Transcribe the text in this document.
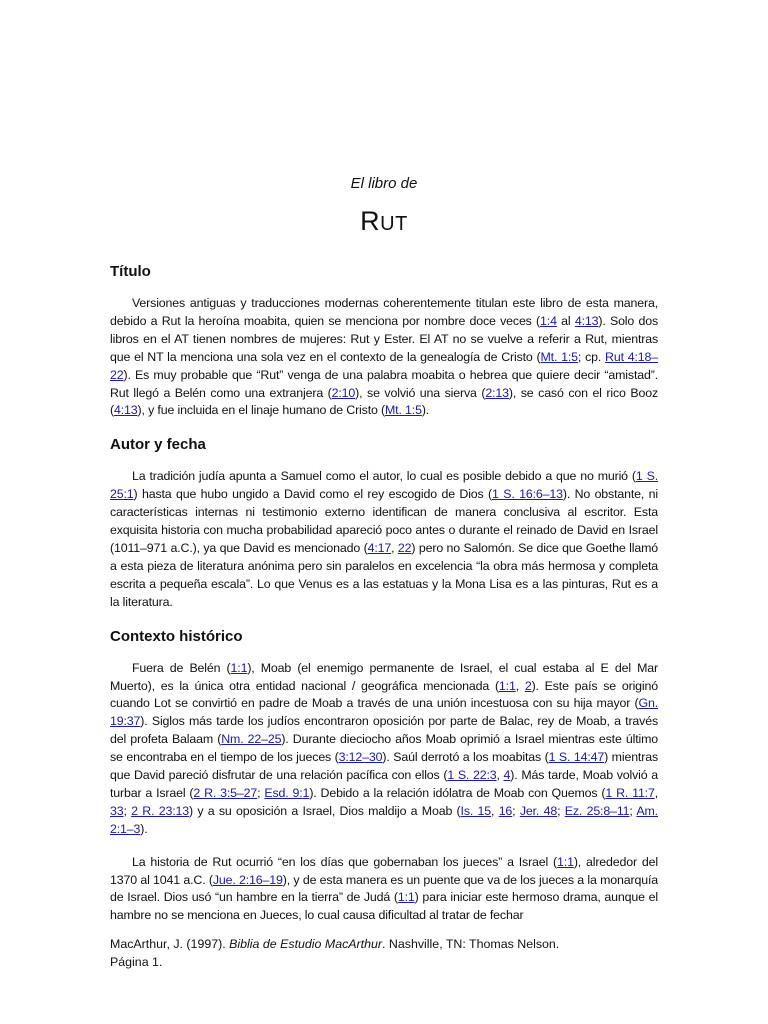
El libro de
RUT
Título

Versiones antiguas y traducciones modernas coherentemente titulan este libro de esta manera, debido a Rut la heroína moabita, quien se menciona por nombre doce veces (1:4 al 4:13). Solo dos libros en el AT tienen nombres de mujeres: Rut y Ester. El AT no se vuelve a referir a Rut, mientras que el NT la menciona una sola vez en el contexto de la genealogía de Cristo (Mt. 1:5; cp. Rut 4:18–22). Es muy probable que “Rut” venga de una palabra moabita o hebrea que quiere decir “amistad”. Rut llegó a Belén como una extranjera (2:10), se volvió una sierva (2:13), se casó con el rico Booz (4:13), y fue incluida en el linaje humano de Cristo (Mt. 1:5).

Autor y fecha

La tradición judía apunta a Samuel como el autor, lo cual es posible debido a que no murió (1 S. 25:1) hasta que hubo ungido a David como el rey escogido de Dios (1 S. 16:6–13). No obstante, ni características internas ni testimonio externo identifican de manera conclusiva al escritor. Esta exquisita historia con mucha probabilidad apareció poco antes o durante el reinado de David en Israel (1011–971 a.C.), ya que David es mencionado (4:17, 22) pero no Salomón. Se dice que Goethe llamó a esta pieza de literatura anónima pero sin paralelos en excelencia “la obra más hermosa y completa escrita a pequeña escala”. Lo que Venus es a las estatuas y la Mona Lisa es a las pinturas, Rut es a la literatura.

Contexto histórico

Fuera de Belén (1:1), Moab (el enemigo permanente de Israel, el cual estaba al E del Mar Muerto), es la única otra entidad nacional / geográfica mencionada (1:1, 2). Este país se originó cuando Lot se convirtió en padre de Moab a través de una unión incestuosa con su hija mayor (Gn. 19:37). Siglos más tarde los judíos encontraron oposición por parte de Balac, rey de Moab, a través del profeta Balaam (Nm. 22–25). Durante dieciocho años Moab oprimió a Israel mientras este último se encontraba en el tiempo de los jueces (3:12–30). Saúl derrotó a los moabitas (1 S. 14:47) mientras que David pareció disfrutar de una relación pacífica con ellos (1 S. 22:3, 4). Más tarde, Moab volvió a turbar a Israel (2 R. 3:5–27; Esd. 9:1). Debido a la relación idólatra de Moab con Quemos (1 R. 11:7, 33; 2 R. 23:13) y a su oposición a Israel, Dios maldijo a Moab (Is. 15, 16; Jer. 48; Ez. 25:8–11; Am. 2:1–3).

La historia de Rut ocurrió “en los días que gobernaban los jueces” a Israel (1:1), alrededor del 1370 al 1041 a.C. (Jue. 2:16–19), y de esta manera es un puente que va de los jueces a la monarquía de Israel. Dios usó “un hambre en la tierra” de Judá (1:1) para iniciar este hermoso drama, aunque el hambre no se menciona en Jueces, lo cual causa dificultad al tratar de fechar

MacArthur, J. (1997). Biblia de Estudio MacArthur. Nashville, TN: Thomas Nelson.
Página 1.
